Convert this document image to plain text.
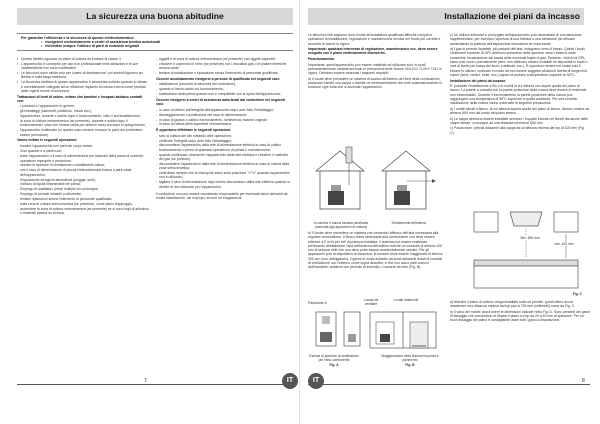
La sicurezza una buona abitudine
Per garantire l'efficienza e la sicurezza di questo elettrodomestico:
• rivolgetevi esclusivamente a centri di assistenza tecnica autorizzati
• richiedete sempre l'utilizzo di parti di ricambio originali
• Questo libretto riguarda un piano di cottura da incasso di classe 3.
• L'apparecchio è concepito per uso non professionale nelle abitazioni e le sue caratteristiche non sono modificabili.
• Le istruzioni sono valide solo per i paesi di destinazione i cui simboli figurano sul libretto e sulla targa matricola.
• La sicurezza elettrica di questo apparecchio è assicurata soltanto quando lo stesso è correttamente collegato ad un efficiente impianto di messa a terra come previsto dalle vigenti norme di sicurezza.

Trattandosi di fonti di calore, evitare che bambini e incapaci abbiano contatti con:

- i comandi e l'apparecchio in genere;
- gli imballaggi (sacchetti, polistirolo, chiodi ecc.);
- l'apparecchio, durante e subito dopo il funzionamento, visto il surriscaldamento;
- la zona di cottura vetroceramica (se presente), durante e subito dopo il funzionamento, visto che rimane calda per almeno mezz'ora dopo lo spegnimento;
- l'apparecchio inutilizzato (in questo caso rendere innocue le parti che potrebbero essere pericolose).

Vanno evitate le seguenti operazioni:

- toccare l'apparecchio con parti del corpo umide;
- l'uso quando è a piedi nudi;
- tirare l'apparecchio o il cavo di alimentazione per staccarli dalla presa di corrente;
- operazioni improprie e pericolose;
- ostruire le aperture di ventilazione o smaltimento calore;
- che il cavo di alimentazione di piccoli elettrodomestici finisca a parti calde dell'apparecchio;
- l'esposizione ad agenti atmosferici (pioggia, sole);
- l'utilizzo di liquidi infiammabili nei pressi;
- l'impiego di adattatori, prese multiple e/o prolunghe;
- l'impiego di pentole instabili o deformate;
- tentare riparazioni senza l'intervento di personale qualificato;
- sulla zona di cottura vetroceramica (se presente), come piano d'appoggio;
- accendere la zona di cottura vetroceramica (se presente) se si sono fogli di alluminio o materiali plastici su di essa.
- oggetti e la zona di cottura vetroceramica (se presente) con oggetti appuntiti;
- chiudere il coperchio in vetro (se presente) con i bruciatori gas o le piastre elettriche ancora calde;
- tentare di installazione o riparazione senza l'intervento di personale qualificato.

Occorre assolutamente rivolgersi a persone di qualificato nei seguenti casi:

- installazione (secondo le istruzioni del costruttore);
- quando si hanno dubbi sul funzionamento;
- sostituzione della presa quando non è compatibile con la spina dell'apparecchio.

Occorre rivolgersi a centri di assistenza autorizzati dal costruttore nei seguenti casi:

- in caso di dubbio sull'integrità dell'apparecchio dopo aver tolto l'imballaggio;
- danneggiamento o sostituzione del cavo di alimentazione;
- in caso di guasto o cattivo funzionamento, richiedendo ricambi originali;
- in caso di rottura della superficie vetroceramica.

È opportuno effettuare le seguenti operazioni:

- solo la cottura dei cibi evitando altre operazioni;
- verificare l'integrità dopo aver tolto l'imballaggio;
- disconnettere l'apparecchio dalla rete di alimentazione elettrica in caso di cattivo funzionamento o prima di qualsiasi operazione di pulizia o manutenzione;
- quando inutilizzato, disinserire l'apparecchio dalla rete elettrica e chiudere il rubinetto del gas (se previsto);
- disconnettere l'apparecchio dalla rete di alimentazione elettrica in caso di rottura della zona vetroceramica;
- controllare sempre che le manopole siano sulla posizione "•"/"o" quando l'apparecchio non è utilizzato;
- tagliare il cavo di alimentazione dopo averlo disconnesso dalla rete elettrica quando si decide di non utilizzare più l'apparecchio.

Il costruttore non può essere considerato responsabile per eventuali danni derivanti da: errata installazione, usi impropri, erronei ed irragionevoli.

7	IT
Installazione dei piani da incasso

Le istruzioni che seguono sono rivolte all'installatore qualificato affinché compia le operazioni di installazione, regolazione e manutenzione tecnica nel modo più corretto e secondo le norme in vigore.

Importante: qualsiasi intervento di regolazione, manutenzione ecc. deve essere eseguito con il piano elettricamente disinserito.

Posizionamento

Importante: quest'apparecchio può essere installato ed utilizzato solo in locali permanentemente ventilati secondo le prescrizioni delle Norme UNI-CIG 7129 e 7131 in vigore. Debbono essere osservati i seguenti requisiti:

a) Il locale deve prevedere un sistema di scarico all'esterno dei fumi della combustione, realizzato tramite una cappa o tramite un elettroventilatore che entri automaticamente in funzione ogni volta che si accende l'apparecchio.

In camino o canna fumaria ramificata (riservata agli apparecchi di cottura)
Direttamente all'esterno

b) Il locale deve prevedere un sistema che consenta l'afflusso dell'aria necessaria alla regolare combustione. Il flusso d'aria necessaria alla combustione non deve essere inferiore a 2 m³/h per kW di potenza installata. Il sistema può essere realizzato prelevando direttamente l'aria dall'esterno dell'edificio tramite un condotto di almeno 100 cm² di sezione utile che non deve poter essere accidentalmente ostruito. Per gli apparecchi privi di dispositivo di sicurezza, la sezione deve essere maggiorata di almeno 200 cm² (non obbligatorio). Oppure in modo indiretto da locali adiacenti dotati di condotti di ventilazione con l'esterno come sopra descritto, e che non siano parti comuni dell'immobile, ambienti con pericolo di incendio, o camere da letto (Fig. B).

Particolare A
Locale da ventilare
Locale adiacente
Esempi di aperture di ventilazione per l'aria comburente
Maggiorazione della fessura tra porta e pavimento
Fig. A	Fig. B

c) Un utilizzo intensivo e prolungato dell'apparecchio può necessitare di una aerazione supplementare, per esempio l'apertura di una finestra o una aerazione più efficace aumentando la potenza dell'aspirazione meccanica se essa esiste.

d) I gas di petrolio liquefatti, più pesanti dell'aria, ristagnano verso il basso. Quindi i locali contenenti bombole di GPL debbono prevedere delle aperture verso l'esterno onde consentire l'evacuazione dal basso delle eventuali fughe di gas. Pertanto, i bidoni di GPL, siano essi vuoti o parzialmente pieni, non debbono essere installati né depositati in locali o vani di livello più basso del suolo (cantinati, ecc.). È opportuno tenere nel locale solo il bidone in utilizzo, collocato in modo da non essere soggetto all'azione diretta di sorgenti di calore (forni, camini, stufe, ecc.) capaci di portarlo a temperature superiori ai 50°C.

Installazione del piano da incasso

E' possibile l'installazione a filo o in mobili la cui altezza non superi quella del piano di lavoro. La parete a contatto con la parete posteriore della cucina deve essere in materiale non infiammabile. Durante il funzionamento la parete posteriore della cucina può raggiungere una temperatura di 50°C superiore a quella ambiente. Per una corretta installazione della cucina vanno osservate le seguenti precauzioni:

a) I mobili situati a fianco, la cui altezza supera quella del piano di lavoro, devono essere ad almeno 600 mm dal bordo del piano stesso.

b) Le cappe debbono essere installate secondo i requisiti indicati nei libretti istruzione delle cappe stesse, comunque ad una distanza minima di 650 mm.

c) Posizionare i pensili adiacenti alla cappa ad un'altezza minima dal top di 420 mm (Fig. C).

Min. 650 mm
min. 420 mm
Fig. C

d) Allorché il piano di cottura venga installato sotto un pensile, quest'ultimo dovrà mantenere una distanza minima dal top pari a 700 mm (millimetri) come da Fig. C.

e) Il vano del mobile dovrà avere le dimensioni indicate nella Fig. D. Sono presenti dei ganci di fissaggio che consentono di fissare il piano su top da 20 a 40 mm di spessore. Per un buon fissaggio del piano è consigliabile usare tutti i ganci a disposizione.

IT	8
